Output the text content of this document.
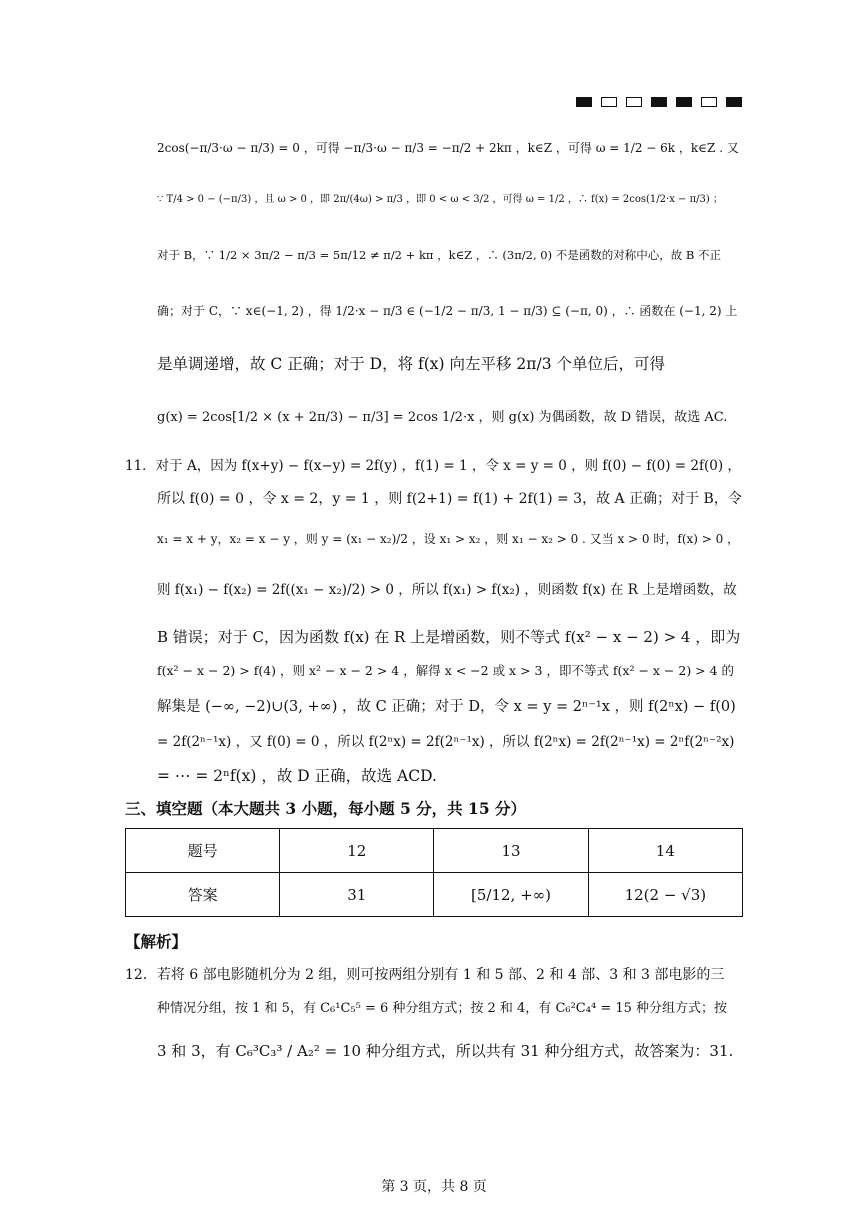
2cos(−π/3·ω − π/3) = 0 ，可得 −π/3·ω − π/3 = −π/2 + 2kπ ，k∈Z ，可得 ω = 1/2 − 6k ，k∈Z . 又
∵ T/4 > 0 − (−π/3) ，且 ω > 0 ，即 2π/(4ω) > π/3 ，即 0 < ω < 3/2 ，可得 ω = 1/2 ，∴ f(x) = 2cos(1/2·x − π/3) ；
对于 B，∵ 1/2 × 3π/2 − π/3 = 5π/12 ≠ π/2 + kπ ，k∈Z ，∴ (3π/2, 0) 不是函数的对称中心，故 B 不正
确；对于 C，∵ x∈(−1, 2) ，得 1/2·x − π/3 ∈ (−1/2 − π/3, 1 − π/3) ⊆ (−π, 0) ，∴ 函数在 (−1, 2) 上
是单调递增，故 C 正确；对于 D，将 f(x) 向左平移 2π/3 个单位后，可得
g(x) = 2cos[1/2 × (x + 2π/3) − π/3] = 2cos 1/2·x ，则 g(x) 为偶函数，故 D 错误，故选 AC.
11．对于 A，因为 f(x+y) − f(x−y) = 2f(y) ，f(1) = 1 ，令 x = y = 0 ，则 f(0) − f(0) = 2f(0) ，
所以 f(0) = 0 ，令 x = 2，y = 1 ，则 f(2+1) = f(1) + 2f(1) = 3，故 A 正确；对于 B，令
x₁ = x + y，x₂ = x − y ，则 y = (x₁ − x₂)/2 ，设 x₁ > x₂ ，则 x₁ − x₂ > 0 . 又当 x > 0 时，f(x) > 0 ，
则 f(x₁) − f(x₂) = 2f((x₁ − x₂)/2) > 0 ，所以 f(x₁) > f(x₂) ，则函数 f(x) 在 R 上是增函数，故
B 错误；对于 C，因为函数 f(x) 在 R 上是增函数，则不等式 f(x² − x − 2) > 4 ，即为
f(x² − x − 2) > f(4) ，则 x² − x − 2 > 4 ，解得 x < −2 或 x > 3 ，即不等式 f(x² − x − 2) > 4 的
解集是 (−∞, −2)∪(3, +∞) ，故 C 正确；对于 D，令 x = y = 2ⁿ⁻¹x ，则 f(2ⁿx) − f(0)
= 2f(2ⁿ⁻¹x) ，又 f(0) = 0 ，所以 f(2ⁿx) = 2f(2ⁿ⁻¹x) ，所以 f(2ⁿx) = 2f(2ⁿ⁻¹x) = 2ⁿf(2ⁿ⁻²x)
= ⋯ = 2ⁿf(x) ，故 D 正确，故选 ACD.
三、填空题（本大题共 3 小题，每小题 5 分，共 15 分）
题号	12	13	14
答案	31	[5/12, +∞)	12(2 − √3)
【解析】
12．若将 6 部电影随机分为 2 组，则可按两组分别有 1 和 5 部、2 和 4 部、3 和 3 部电影的三
种情况分组，按 1 和 5，有 C₆¹C₅⁵ = 6 种分组方式；按 2 和 4，有 C₆²C₄⁴ = 15 种分组方式；按
3 和 3，有 C₆³C₃³ / A₂² = 10 种分组方式，所以共有 31 种分组方式，故答案为：31.
第 3 页，共 8 页
